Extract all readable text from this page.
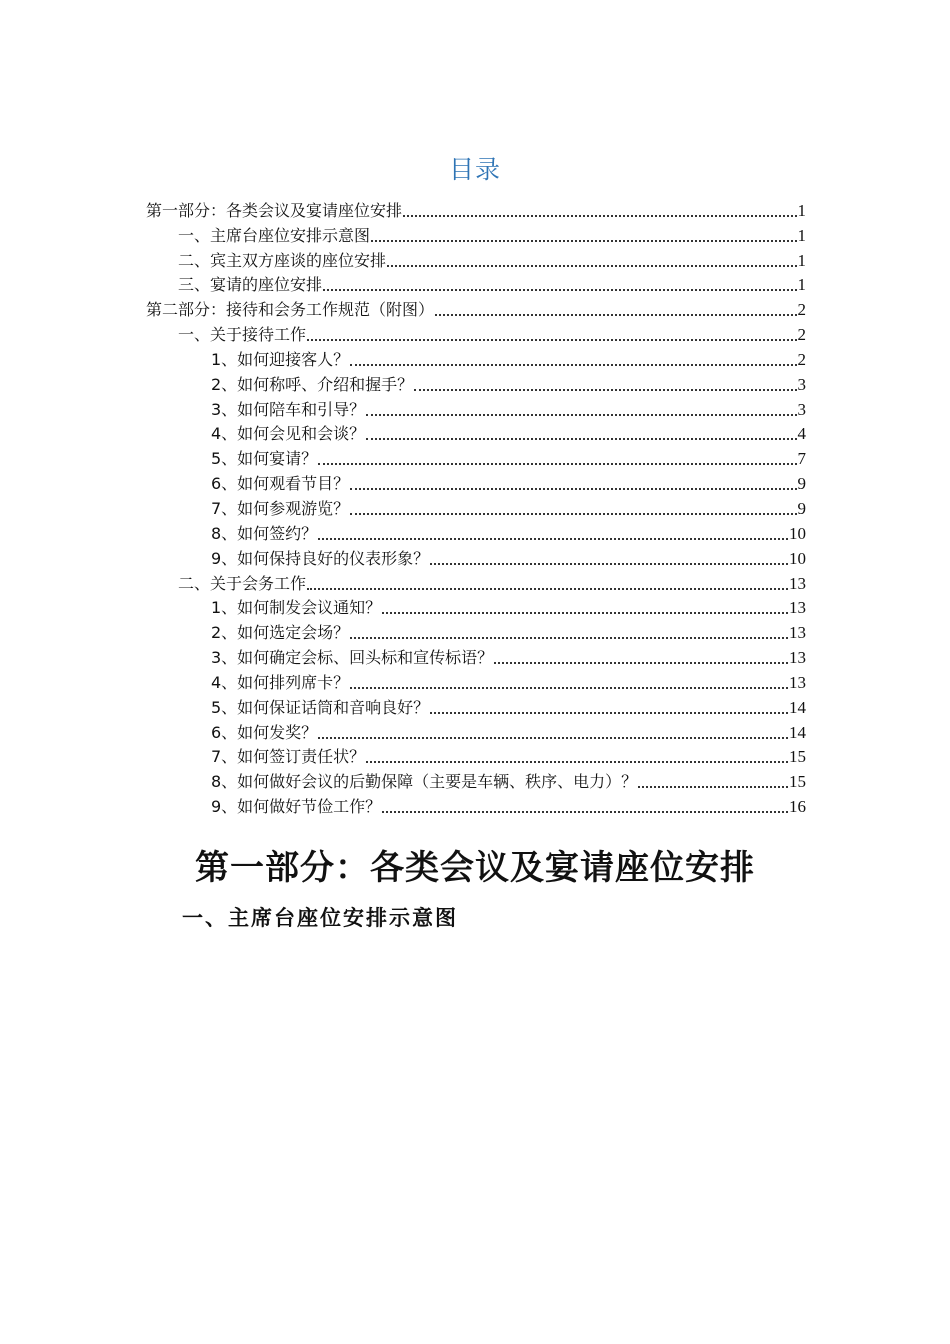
目录
第一部分：各类会议及宴请座位安排	1
一、主席台座位安排示意图	1
二、宾主双方座谈的座位安排	1
三、宴请的座位安排	1
第二部分：接待和会务工作规范（附图）	2
一、关于接待工作	2
1、如何迎接客人？	2
2、如何称呼、介绍和握手？	3
3、如何陪车和引导？	3
4、如何会见和会谈？	4
5、如何宴请？	7
6、如何观看节目？	9
7、如何参观游览？	9
8、如何签约？	10
9、如何保持良好的仪表形象？	10
二、关于会务工作	13
1、如何制发会议通知？	13
2、如何选定会场？	13
3、如何确定会标、回头标和宣传标语？	13
4、如何排列席卡？	13
5、如何保证话筒和音响良好？	14
6、如何发奖？	14
7、如何签订责任状？	15
8、如何做好会议的后勤保障（主要是车辆、秩序、电力）？	15
9、如何做好节俭工作？	16
第一部分：各类会议及宴请座位安排
一、主席台座位安排示意图
